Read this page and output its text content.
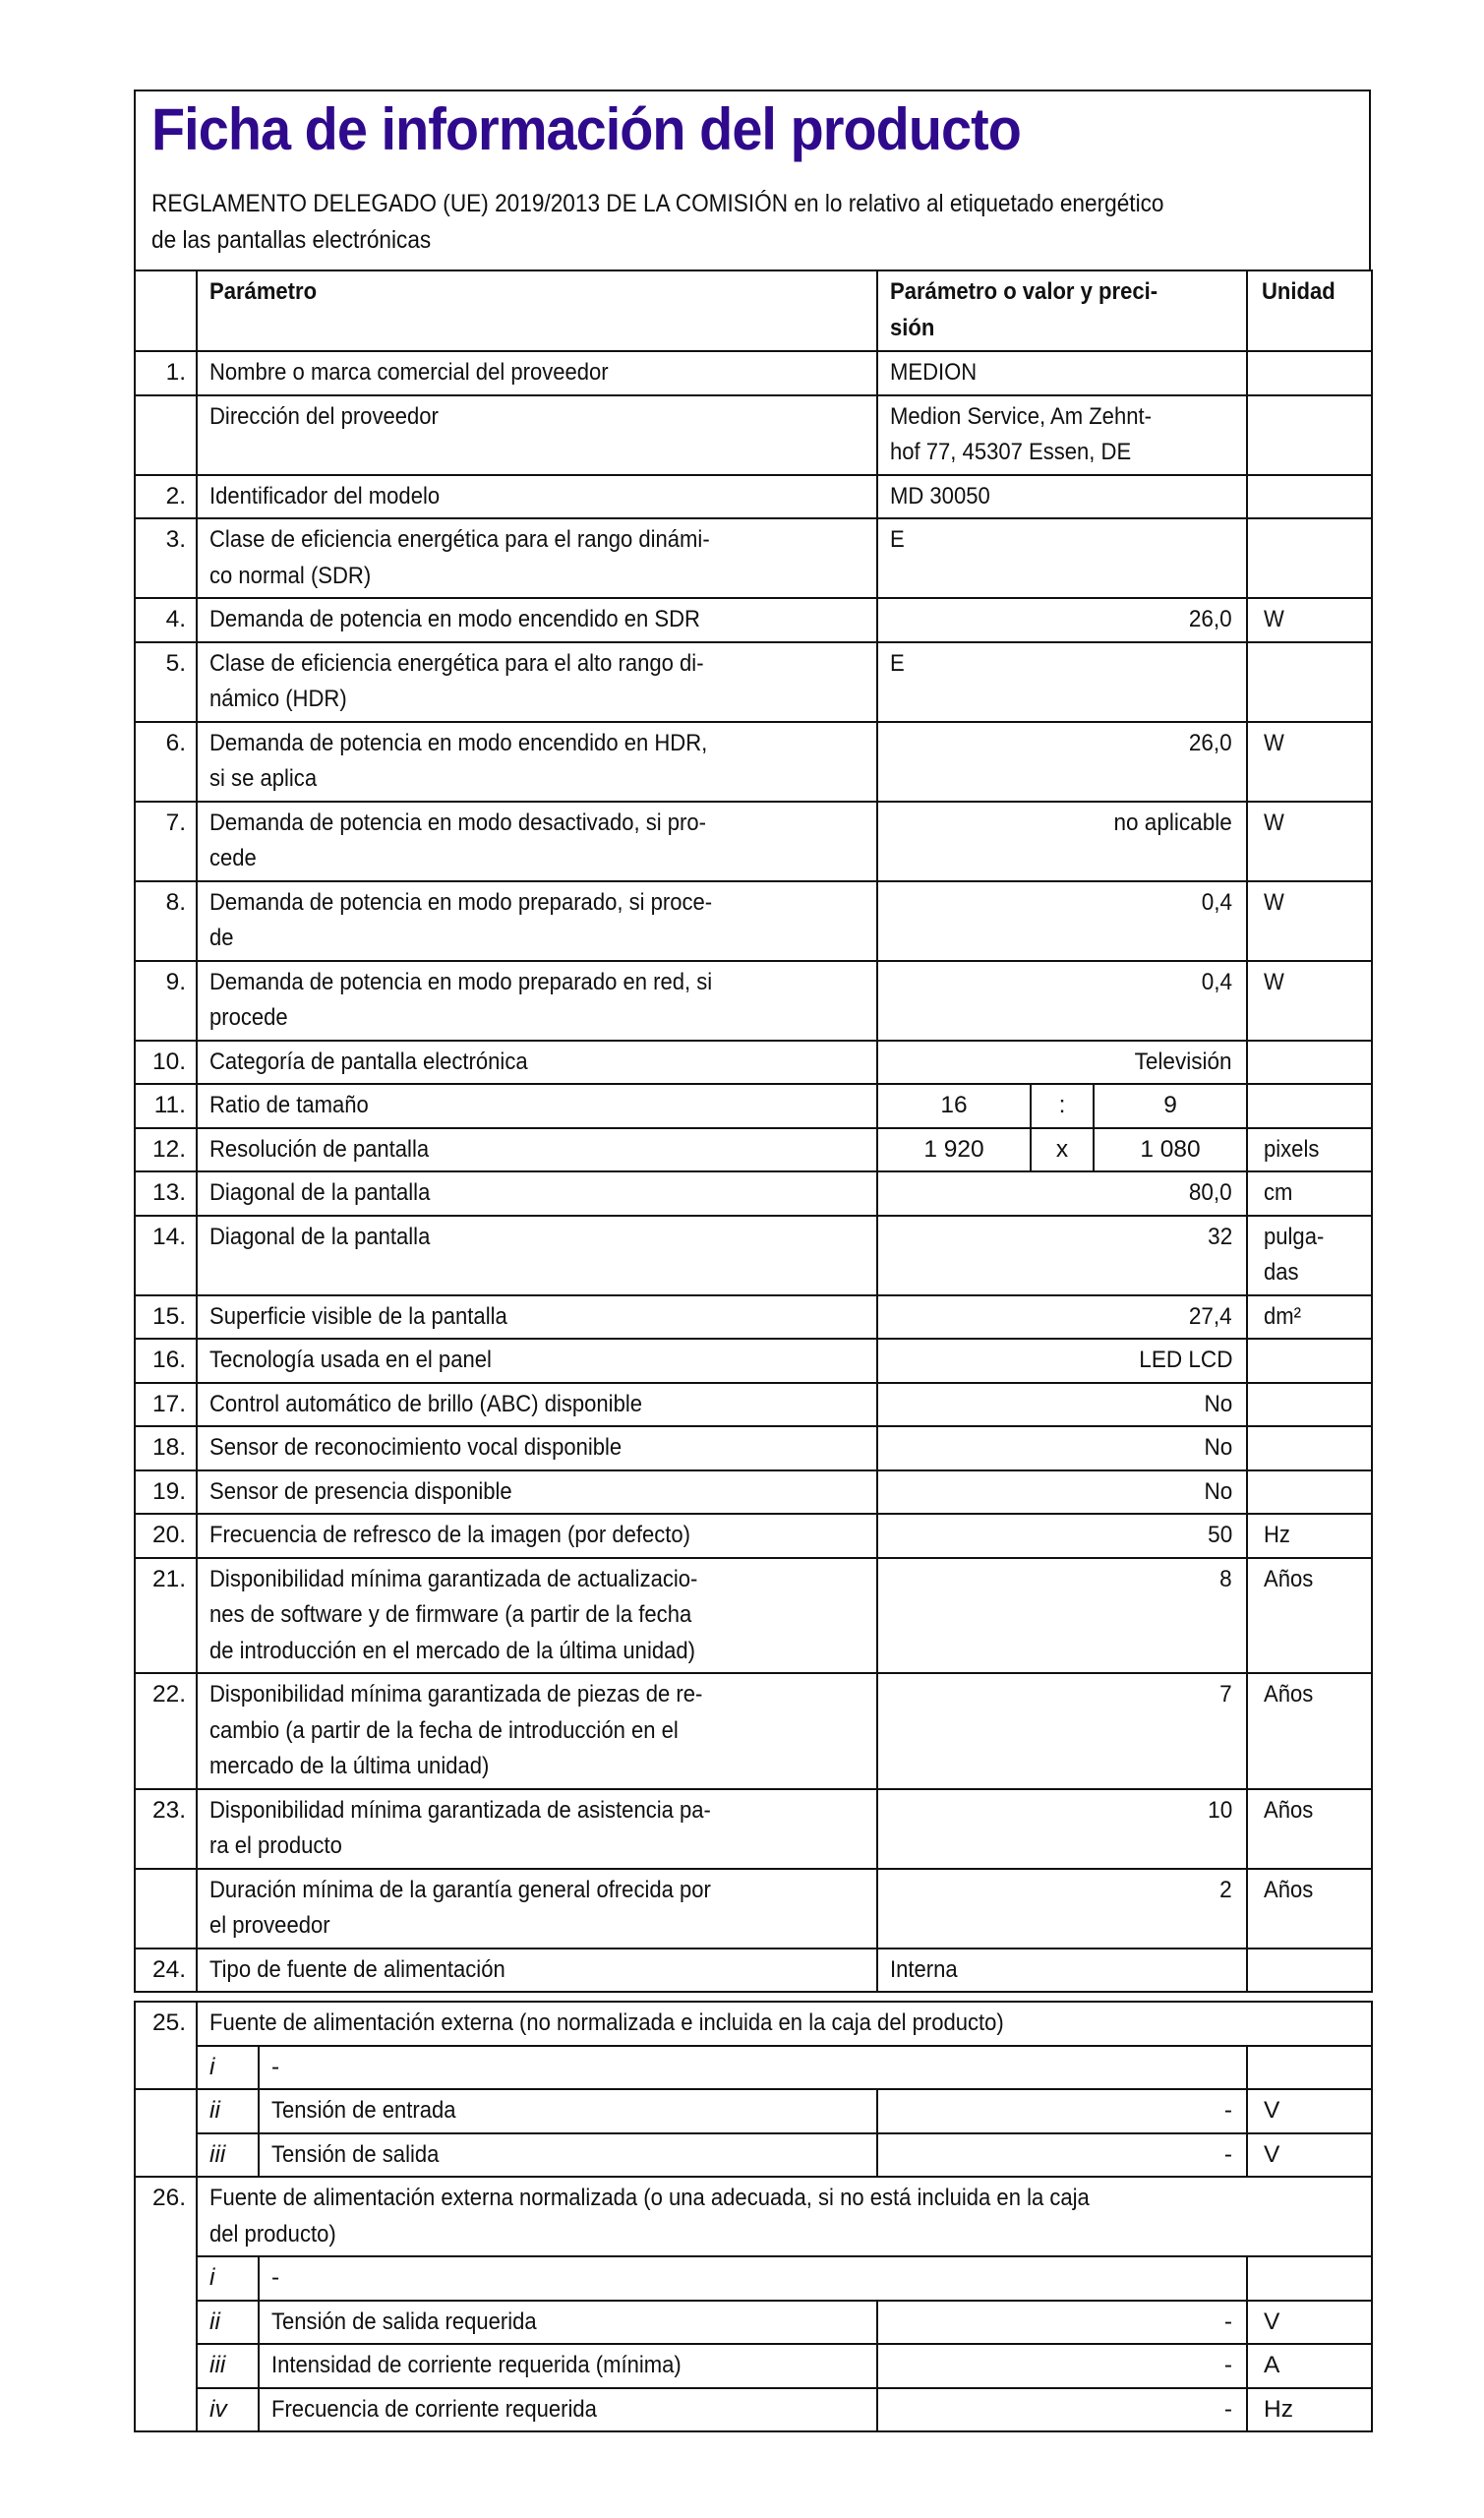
Ficha de información del producto
REGLAMENTO DELEGADO (UE) 2019/2013 DE LA COMISIÓN en lo relativo al etiquetado energético
de las pantallas electrónicas

	Parámetro	Parámetro o valor y preci-
sión			Unidad

1.	Nombre o marca comercial del proveedor	MEDION			

	Dirección del proveedor	Medion Service, Am Zehnt-
hof 77, 45307 Essen, DE			

2.	Identificador del modelo	MD 30050			

3.	Clase de eficiencia energética para el rango dinámi-
co normal (SDR)	E			

4.	Demanda de potencia en modo encendido en SDR	26,0			W

5.	Clase de eficiencia energética para el alto rango di-
námico (HDR)	E			

6.	Demanda de potencia en modo encendido en HDR,
si se aplica	26,0			W

7.	Demanda de potencia en modo desactivado, si pro-
cede	no aplicable			W

8.	Demanda de potencia en modo preparado, si proce-
de	0,4			W

9.	Demanda de potencia en modo preparado en red, si
procede	0,4			W

10.	Categoría de pantalla electrónica	Televisión			

11.	Ratio de tamaño	16	:	9	

12.	Resolución de pantalla	1 920	x	1 080	pixels

13.	Diagonal de la pantalla	80,0			cm

14.	Diagonal de la pantalla	32			pulga-
das

15.	Superficie visible de la pantalla	27,4			dm²

16.	Tecnología usada en el panel	LED LCD			

17.	Control automático de brillo (ABC) disponible	No			

18.	Sensor de reconocimiento vocal disponible	No			

19.	Sensor de presencia disponible	No			

20.	Frecuencia de refresco de la imagen (por defecto)	50			Hz

21.	Disponibilidad mínima garantizada de actualizacio-
nes de software y de firmware (a partir de la fecha
de introducción en el mercado de la última unidad)	8			Años

22.	Disponibilidad mínima garantizada de piezas de re-
cambio (a partir de la fecha de introducción en el
mercado de la última unidad)	7			Años

23.	Disponibilidad mínima garantizada de asistencia pa-
ra el producto	10			Años

	Duración mínima de la garantía general ofrecida por
el proveedor	2			Años

24.	Tipo de fuente de alimentación	Interna			

25.	Fuente de alimentación externa (no normalizada e incluida en la caja del producto)			

	i	-		
	ii	Tensión de entrada	-	V
	iii	Tensión de salida	-	V
26.	Fuente de alimentación externa normalizada (o una adecuada, si no está incluida en la caja
del producto)			

	i	-		
	ii	Tensión de salida requerida	-	V
	iii	Intensidad de corriente requerida (mínima)	-	A
	iv	Frecuencia de corriente requerida	-	Hz
